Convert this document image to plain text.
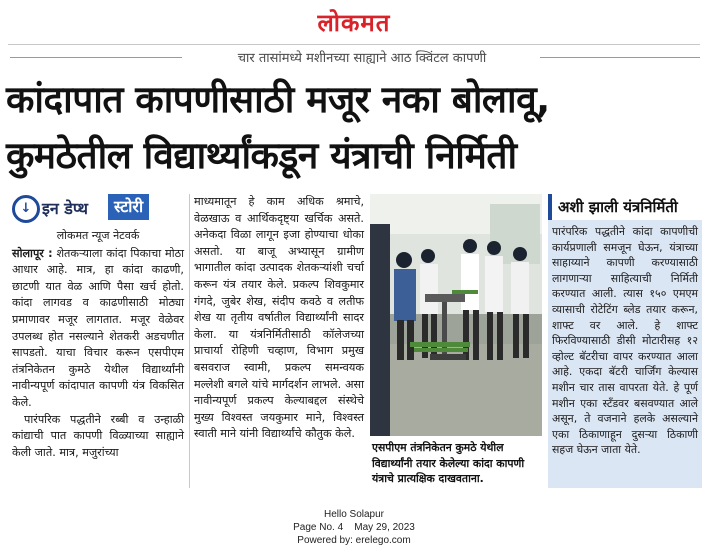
लोकमत
चार तासांमध्ये मशीनच्या साह्याने आठ क्विंटल कापणी
कांदापात कापणीसाठी मजूर नका बोलावू,
कुमठेतील विद्यार्थ्यांकडून यंत्राची निर्मिती
↓ इन डेप्थ	स्टोरी
लोकमत न्यूज नेटवर्क

सोलापूर : शेतकऱ्याला कांदा पिकाचा मोठा आधार आहे. मात्र, हा कांदा काढणी, छाटणी यात वेळ आणि पैसा खर्च होतो. कांदा लागवड व काढणीसाठी मोठ्या प्रमाणावर मजूर लागतात. मजूर वेळेवर उपलब्ध होत नसल्याने शेतकरी अडचणीत सापडतो. याचा विचार करून एसपीएम तंत्रनिकेतन कुमठे येथील विद्यार्थ्यांनी नावीन्यपूर्ण कांदापात कापणी यंत्र विकसित केले.

पारंपरिक पद्धतीने रब्बी व उन्हाळी कांद्याची पात कापणी विळ्याच्या साह्याने केली जाते. मात्र, मजुरांच्या

माध्यमातून हे काम अधिक श्रमाचे, वेळखाऊ व आर्थिकदृष्ट्या खर्चिक असते. अनेकदा विळा लागून इजा होण्याचा धोका असतो. या बाजू अभ्यासून ग्रामीण भागातील कांदा उत्पादक शेतकऱ्यांशी चर्चा करून यंत्र तयार केले. प्रकल्प शिवकुमार गंगदे, जुबेर शेख, संदीप कवठे व लतीफ शेख या तृतीय वर्षातील विद्यार्थ्यांनी सादर केला. या यंत्रनिर्मितीसाठी कॉलेजच्या प्राचार्या रोहिणी चव्हाण, विभाग प्रमुख बसवराज स्वामी, प्रकल्प समन्वयक मल्लेशी बगले यांचे मार्गदर्शन लाभले. असा नावीन्यपूर्ण प्रकल्प केल्याबद्दल संस्थेचे मुख्य विश्वस्त जयकुमार माने, विश्वस्त स्वाती माने यांनी विद्यार्थ्यांचे कौतुक केले.

एसपीएम तंत्रनिकेतन कुमठे येथील विद्यार्थ्यांनी तयार केलेल्या कांदा कापणी यंत्राचे प्रात्यक्षिक दाखवताना.
अशी झाली यंत्रनिर्मिती
पारंपरिक पद्धतीने कांदा कापणीची कार्यप्रणाली समजून घेऊन, यंत्राच्या साहाय्याने कापणी करण्यासाठी लागणाऱ्या साहित्याची निर्मिती करण्यात आली. त्यास १५० एमएम व्यासाची रोटेटिंग ब्लेड तयार करून, शाफ्ट वर आले. हे शाफ्ट फिरविण्यासाठी डीसी मोटारीसह १२ व्होल्ट बॅटरीचा वापर करण्यात आला आहे. एकदा बॅटरी चार्जिंग केल्यास मशीन चार तास वापरता येते. हे पूर्ण मशीन एका स्टॅंडवर बसवण्यात आले असून, ते वजनाने हलके असल्याने एका ठिकाणाहून दुसऱ्या ठिकाणी सहज घेऊन जाता येते.
Hello Solapur
Page No. 4    May 29, 2023
Powered by: erelego.com
